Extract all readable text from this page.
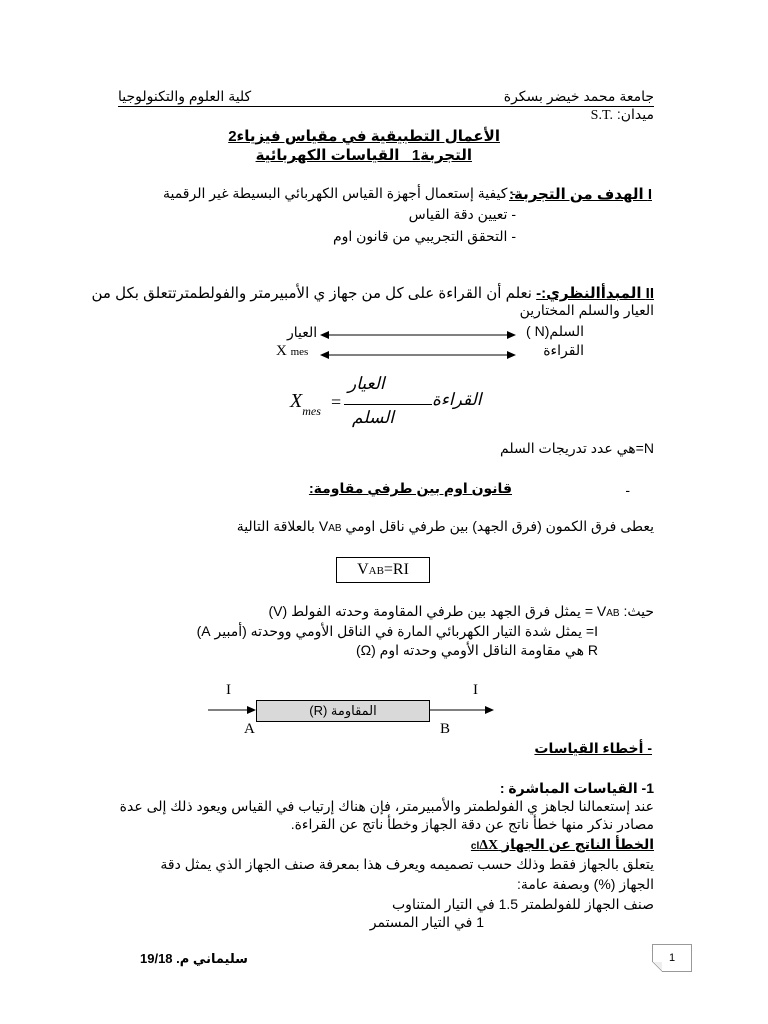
جامعة محمد خيضر بسكرة
كلية العلوم والتكنولوجيا
ميدان: S.T.
الأعمال التطبيقية في مقياس فيزياء2
التجربة1_ القياسات الكهربائية
I الهدف من التجربة:
- كيفية إستعمال أجهزة القياس الكهربائي البسيطة غير الرقمية
- تعيين دقة القياس
- التحقق التجريبي من قانون اوم
II المبدأالنظري:- نعلم أن القراءة على كل من جهاز ي الأمبيرمتر والفولطمترتتعلق بكل من
العيار والسلم المختارين
السلم(N )
القراءة
العيار
X mes
$X_{mes}$ =
العيار
السلم
القراءة
N=هي عدد تدريجات السلم
قانون اوم بين طرفي مقاومة:	-
يعطى فرق الكمون (فرق الجهد) بين طرفي ناقل اومي VAB بالعلاقة التالية
VAB=RI
حيث: VAB = يمثل فرق الجهد بين طرفي المقاومة وحدته الفولط (V)
I= يمثل شدة التيار الكهربائي المارة في الناقل الأومي ووحدته (أمبير A)
R هي مقاومة الناقل الأومي وحدته اوم (Ω)
I	I
المقاومة (R)
A	B
- أخطاء القياسات
1- القياسات المباشرة :
عند إستعمالنا لجاهز ي الفولطمتر والأمبيرمتر، فإن هناك إرتياب في القياس ويعود ذلك إلى عدة
مصادر نذكر منها خطأ ناتج عن دقة الجهاز وخطأ ناتج عن القراءة.
الخطأ الناتج عن الجهاز ΔXcl
يتعلق بالجهاز فقط وذلك حسب تصميمه ويعرف هذا بمعرفة صنف الجهاز الذي يمثل دقة
الجهاز (%) وبصفة عامة:
صنف الجهاز للفولطمتر 1.5 في التيار المتناوب
1 في التيار المستمر
سليماني م. 19/18	1
